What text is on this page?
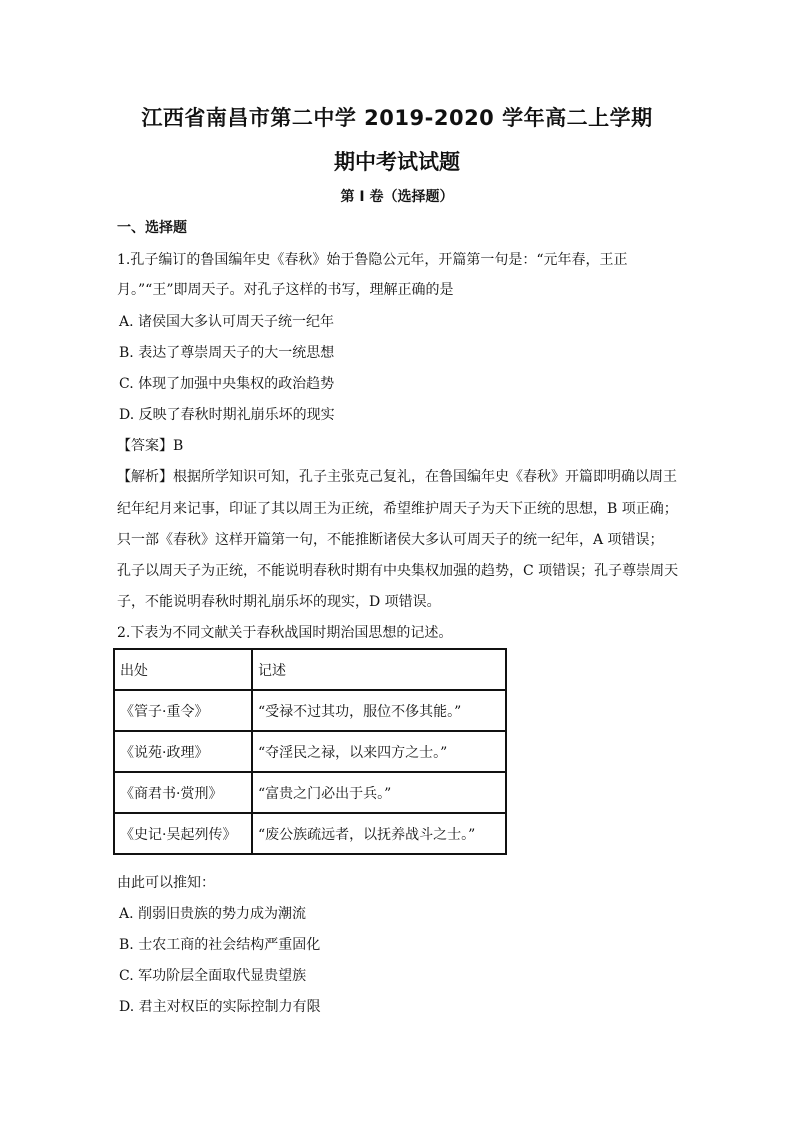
江西省南昌市第二中学 2019-2020 学年高二上学期
期中考试试题
第 I 卷（选择题）
一、选择题
1.孔子编订的鲁国编年史《春秋》始于鲁隐公元年，开篇第一句是：“元年春，王正
月。”“王”即周天子。对孔子这样的书写，理解正确的是
A. 诸侯国大多认可周天子统一纪年
B. 表达了尊崇周天子的大一统思想
C. 体现了加强中央集权的政治趋势
D. 反映了春秋时期礼崩乐坏的现实
【答案】B
【解析】根据所学知识可知，孔子主张克己复礼，在鲁国编年史《春秋》开篇即明确以周王
纪年纪月来记事，印证了其以周王为正统，希望维护周天子为天下正统的思想，B 项正确；
只一部《春秋》这样开篇第一句，不能推断诸侯大多认可周天子的统一纪年，A 项错误；
孔子以周天子为正统，不能说明春秋时期有中央集权加强的趋势，C 项错误；孔子尊崇周天
子，不能说明春秋时期礼崩乐坏的现实，D 项错误。
2.下表为不同文献关于春秋战国时期治国思想的记述。
出处	记述
《管子·重令》	“受禄不过其功，服位不侈其能。”
《说苑·政理》	“夺淫民之禄，以来四方之士。”
《商君书·赏刑》	“富贵之门必出于兵。”
《史记·吴起列传》	“废公族疏远者，以抚养战斗之士。”
由此可以推知：
A. 削弱旧贵族的势力成为潮流
B. 士农工商的社会结构严重固化
C. 军功阶层全面取代显贵望族
D. 君主对权臣的实际控制力有限
